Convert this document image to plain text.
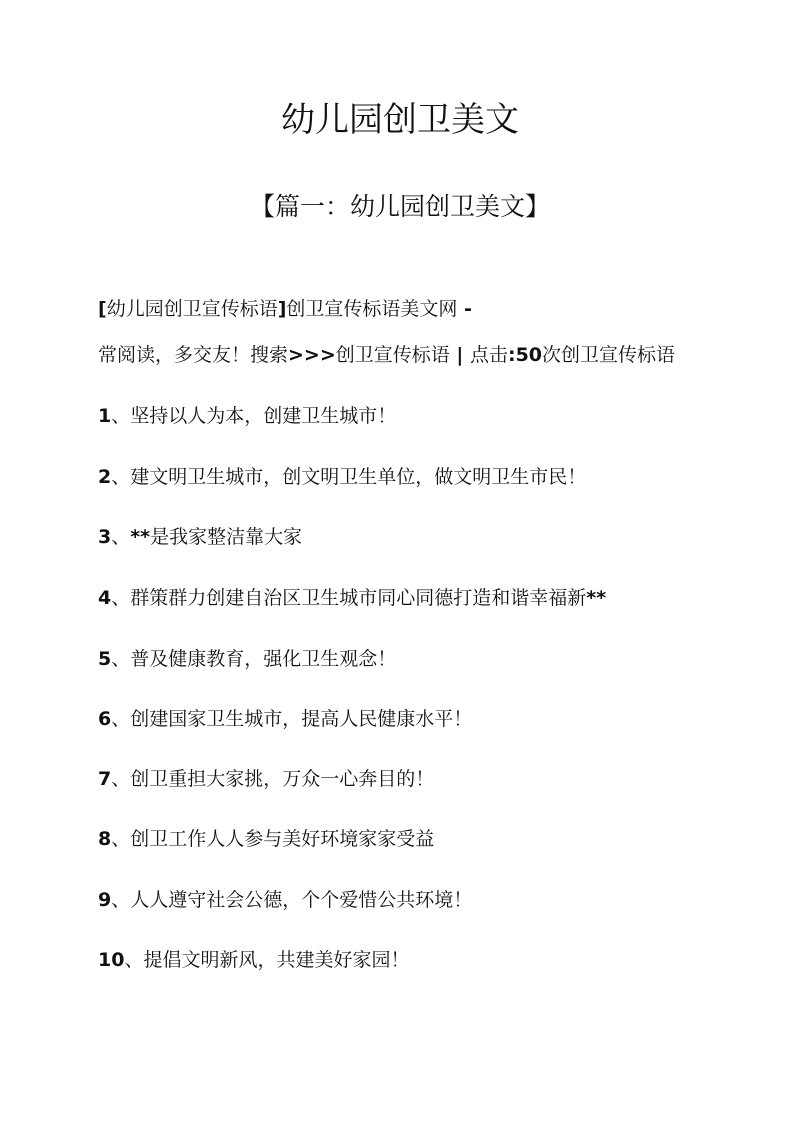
幼儿园创卫美文
【篇一：幼儿园创卫美文】
[幼儿园创卫宣传标语]创卫宣传标语美文网 -
常阅读，多交友！搜索>>>创卫宣传标语 | 点击:50次创卫宣传标语
1、坚持以人为本，创建卫生城市！
2、建文明卫生城市，创文明卫生单位，做文明卫生市民！
3、**是我家整洁靠大家
4、群策群力创建自治区卫生城市同心同德打造和谐幸福新**
5、普及健康教育，强化卫生观念！
6、创建国家卫生城市，提高人民健康水平！
7、创卫重担大家挑，万众一心奔目的！
8、创卫工作人人参与美好环境家家受益
9、人人遵守社会公德，个个爱惜公共环境！
10、提倡文明新风，共建美好家园！
